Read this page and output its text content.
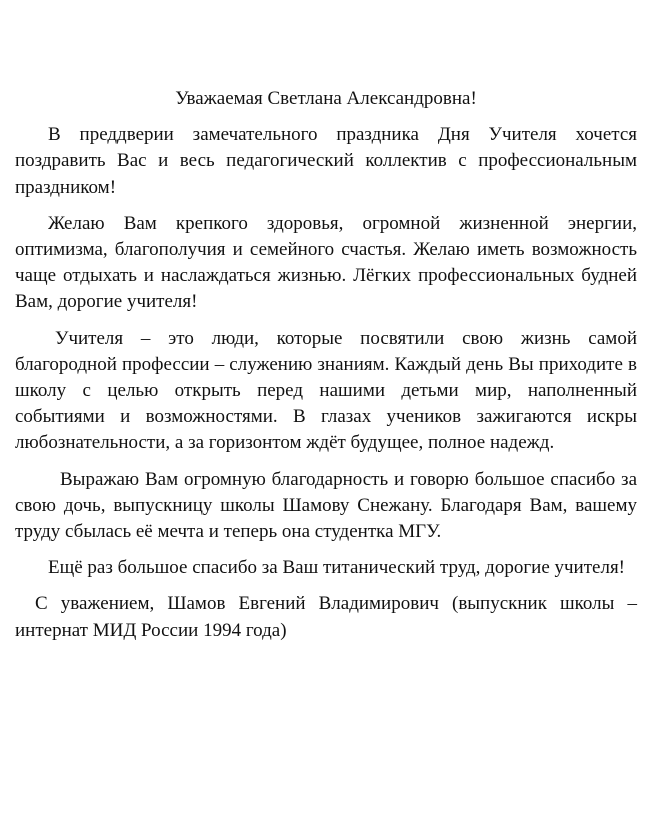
Уважаемая Светлана Александровна!

В преддверии замечательного праздника Дня Учителя хочется поздравить Вас и весь педагогический коллектив с профессиональным праздником!

Желаю Вам крепкого здоровья, огромной жизненной энергии, оптимизма, благополучия и семейного счастья. Желаю иметь возможность чаще отдыхать и наслаждаться жизнью. Лёгких профессиональных будней Вам, дорогие учителя!

Учителя – это люди, которые посвятили свою жизнь самой благородной профессии – служению знаниям. Каждый день Вы приходите в школу с целью открыть перед нашими детьми мир, наполненный событиями и возможностями. В глазах учеников зажигаются искры любознательности, а за горизонтом ждёт будущее, полное надежд.

Выражаю Вам огромную благодарность и говорю большое спасибо за свою дочь, выпускницу школы Шамову Снежану. Благодаря Вам, вашему труду сбылась её мечта и теперь она студентка МГУ.

Ещё раз большое спасибо за Ваш титанический труд, дорогие учителя!

С уважением, Шамов Евгений Владимирович (выпускник школы – интернат МИД России 1994 года)
